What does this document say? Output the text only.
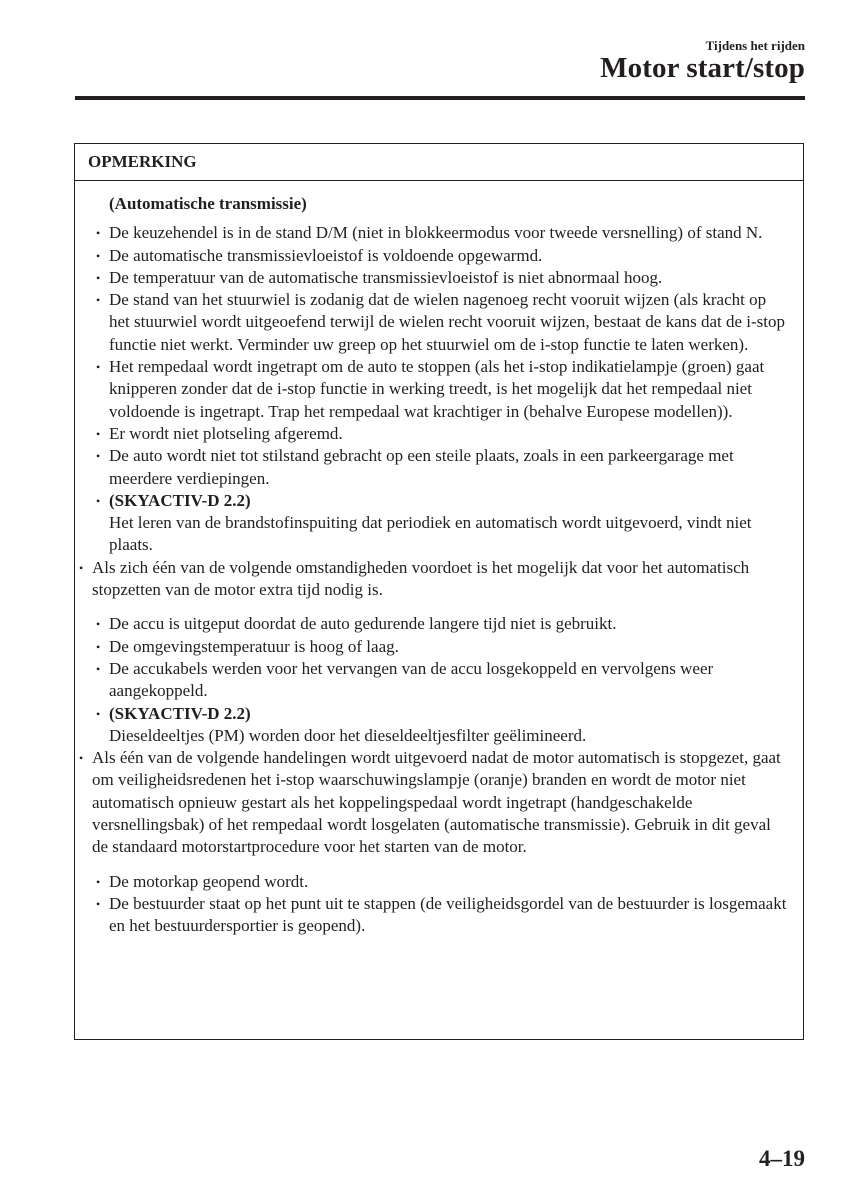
Tijdens het rijden
Motor start/stop
OPMERKING
(Automatische transmissie)
• De keuzehendel is in de stand D/M (niet in blokkeermodus voor tweede versnelling) of stand N.
• De automatische transmissievloeistof is voldoende opgewarmd.
• De temperatuur van de automatische transmissievloeistof is niet abnormaal hoog.
• De stand van het stuurwiel is zodanig dat de wielen nagenoeg recht vooruit wijzen (als kracht op het stuurwiel wordt uitgeoefend terwijl de wielen recht vooruit wijzen, bestaat de kans dat de i-stop functie niet werkt. Verminder uw greep op het stuurwiel om de i-stop functie te laten werken).
• Het rempedaal wordt ingetrapt om de auto te stoppen (als het i-stop indikatielampje (groen) gaat knipperen zonder dat de i-stop functie in werking treedt, is het mogelijk dat het rempedaal niet voldoende is ingetrapt. Trap het rempedaal wat krachtiger in (behalve Europese modellen)).
• Er wordt niet plotseling afgeremd.
• De auto wordt niet tot stilstand gebracht op een steile plaats, zoals in een parkeergarage met meerdere verdiepingen.
• (SKYACTIV-D 2.2)
Het leren van de brandstofinspuiting dat periodiek en automatisch wordt uitgevoerd, vindt niet plaats.
• Als zich één van de volgende omstandigheden voordoet is het mogelijk dat voor het automatisch stopzetten van de motor extra tijd nodig is.
• De accu is uitgeput doordat de auto gedurende langere tijd niet is gebruikt.
• De omgevingstemperatuur is hoog of laag.
• De accukabels werden voor het vervangen van de accu losgekoppeld en vervolgens weer aangekoppeld.
• (SKYACTIV-D 2.2)
Dieseldeeltjes (PM) worden door het dieseldeeltjesfilter geëlimineerd.
• Als één van de volgende handelingen wordt uitgevoerd nadat de motor automatisch is stopgezet, gaat om veiligheidsredenen het i-stop waarschuwingslampje (oranje) branden en wordt de motor niet automatisch opnieuw gestart als het koppelingspedaal wordt ingetrapt (handgeschakelde versnellingsbak) of het rempedaal wordt losgelaten (automatische transmissie). Gebruik in dit geval de standaard motorstartprocedure voor het starten van de motor.
• De motorkap geopend wordt.
• De bestuurder staat op het punt uit te stappen (de veiligheidsgordel van de bestuurder is losgemaakt en het bestuurdersportier is geopend).
4–19
